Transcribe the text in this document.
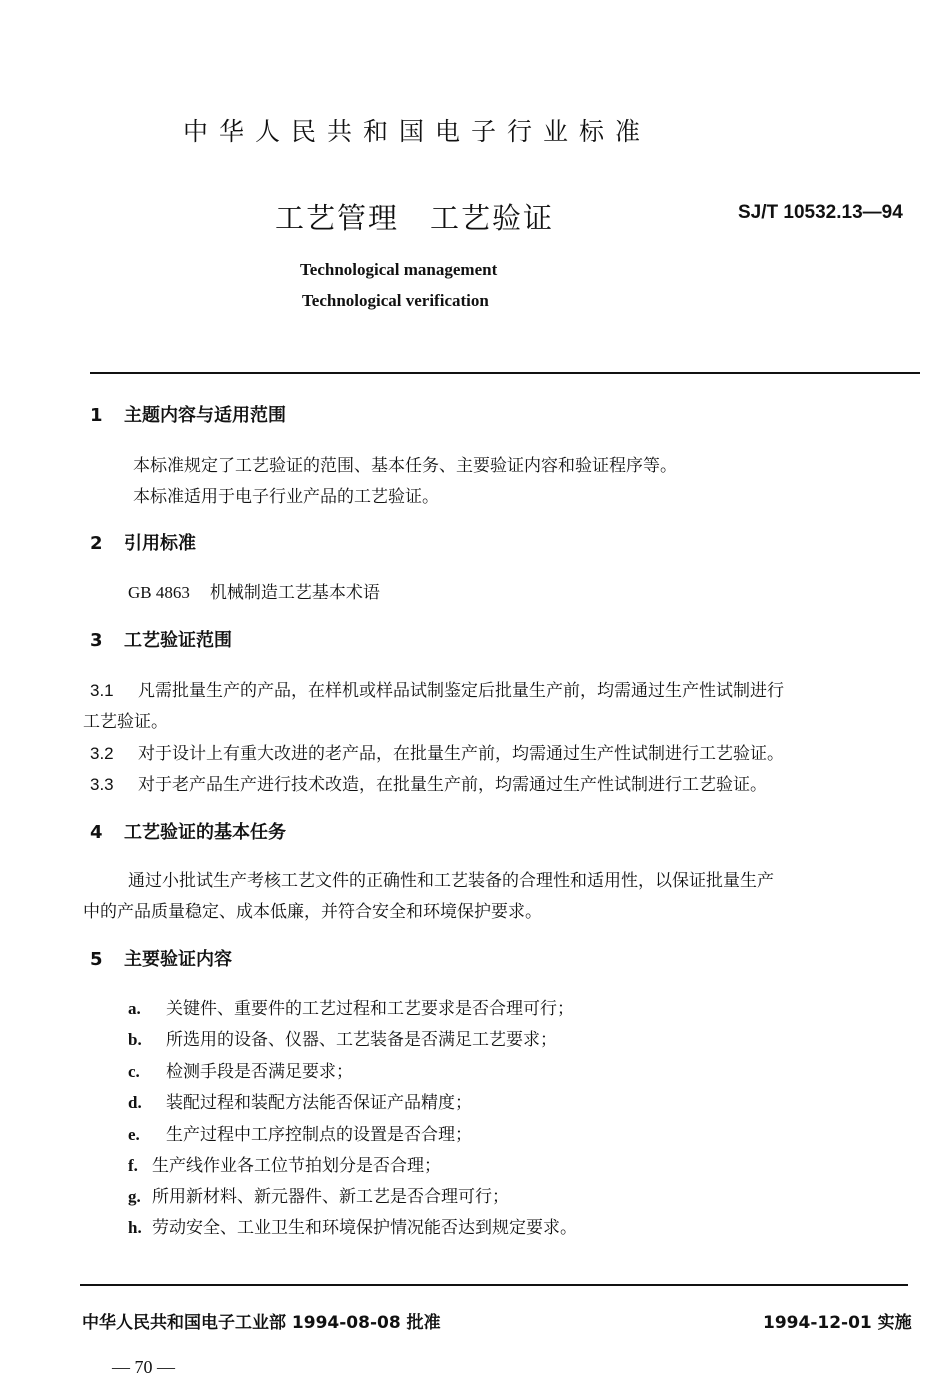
中华人民共和国电子行业标准
工艺管理　工艺验证	SJ/T 10532.13—94
Technological management
Technological verification
1 主题内容与适用范围
本标准规定了工艺验证的范围、基本任务、主要验证内容和验证程序等。
本标准适用于电子行业产品的工艺验证。
2 引用标准
GB 4863 机械制造工艺基本术语
3 工艺验证范围
3.1 凡需批量生产的产品，在样机或样品试制鉴定后批量生产前，均需通过生产性试制进行
工艺验证。
3.2 对于设计上有重大改进的老产品，在批量生产前，均需通过生产性试制进行工艺验证。
3.3 对于老产品生产进行技术改造，在批量生产前，均需通过生产性试制进行工艺验证。
4 工艺验证的基本任务
通过小批试生产考核工艺文件的正确性和工艺装备的合理性和适用性，以保证批量生产
中的产品质量稳定、成本低廉，并符合安全和环境保护要求。
5 主要验证内容
a. 关键件、重要件的工艺过程和工艺要求是否合理可行；
b. 所选用的设备、仪器、工艺装备是否满足工艺要求；
c. 检测手段是否满足要求；
d. 装配过程和装配方法能否保证产品精度；
e. 生产过程中工序控制点的设置是否合理；
f. 生产线作业各工位节拍划分是否合理；
g. 所用新材料、新元器件、新工艺是否合理可行；
h. 劳动安全、工业卫生和环境保护情况能否达到规定要求。
中华人民共和国电子工业部 1994-08-08 批准	1994-12-01 实施
— 70 —
